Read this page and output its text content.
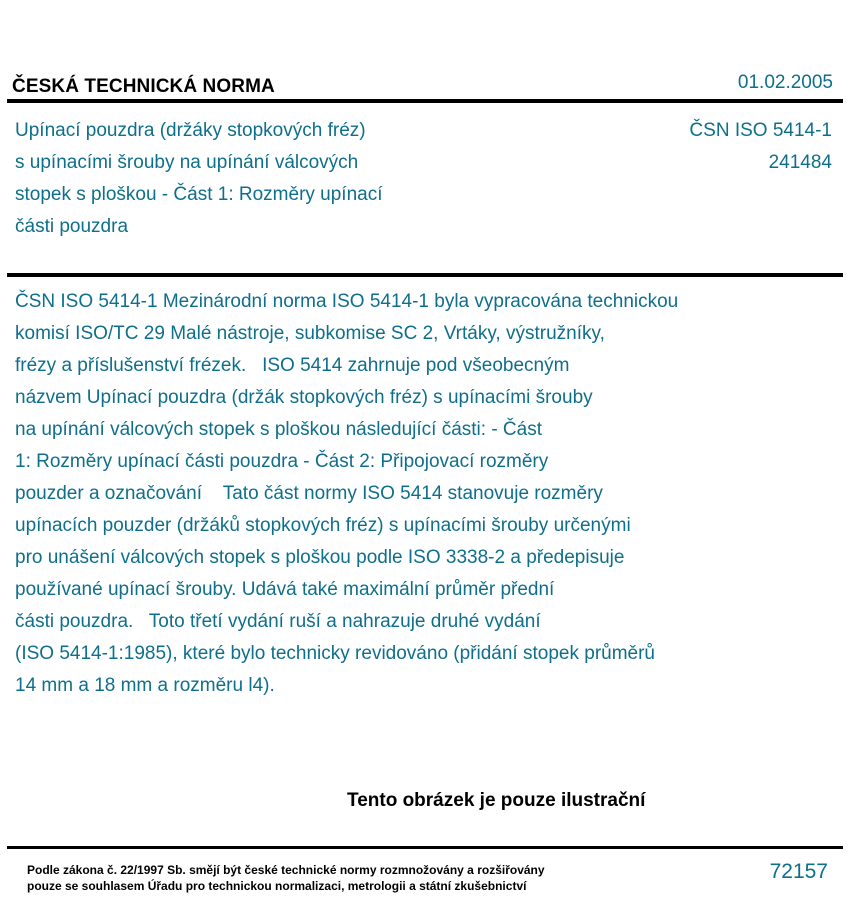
ČESKÁ TECHNICKÁ NORMA	01.02.2005
Upínací pouzdra (držáky stopkových fréz)
s upínacími šrouby na upínání válcových
stopek s ploškou - Část 1: Rozměry upínací
části pouzdra
ČSN ISO 5414-1
241484
ČSN ISO 5414-1 Mezinárodní norma ISO 5414-1 byla vypracována technickou
komisí ISO/TC 29 Malé nástroje, subkomise SC 2, Vrtáky, výstružníky,
frézy a příslušenství frézek.   ISO 5414 zahrnuje pod všeobecným
názvem Upínací pouzdra (držák stopkových fréz) s upínacími šrouby
na upínání válcových stopek s ploškou následující části: - Část
1: Rozměry upínací části pouzdra - Část 2: Připojovací rozměry
pouzder a označování    Tato část normy ISO 5414 stanovuje rozměry
upínacích pouzder (držáků stopkových fréz) s upínacími šrouby určenými
pro unášení válcových stopek s ploškou podle ISO 3338-2 a předepisuje
používané upínací šrouby. Udává také maximální průměr přední
části pouzdra.   Toto třetí vydání ruší a nahrazuje druhé vydání
(ISO 5414-1:1985), které bylo technicky revidováno (přidání stopek průměrů
14 mm a 18 mm a rozměru l4).
Tento obrázek je pouze ilustrační
Podle zákona č. 22/1997 Sb. smějí být české technické normy rozmnožovány a rozšiřovány
pouze se souhlasem Úřadu pro technickou normalizaci, metrologii a státní zkušebnictví
72157
